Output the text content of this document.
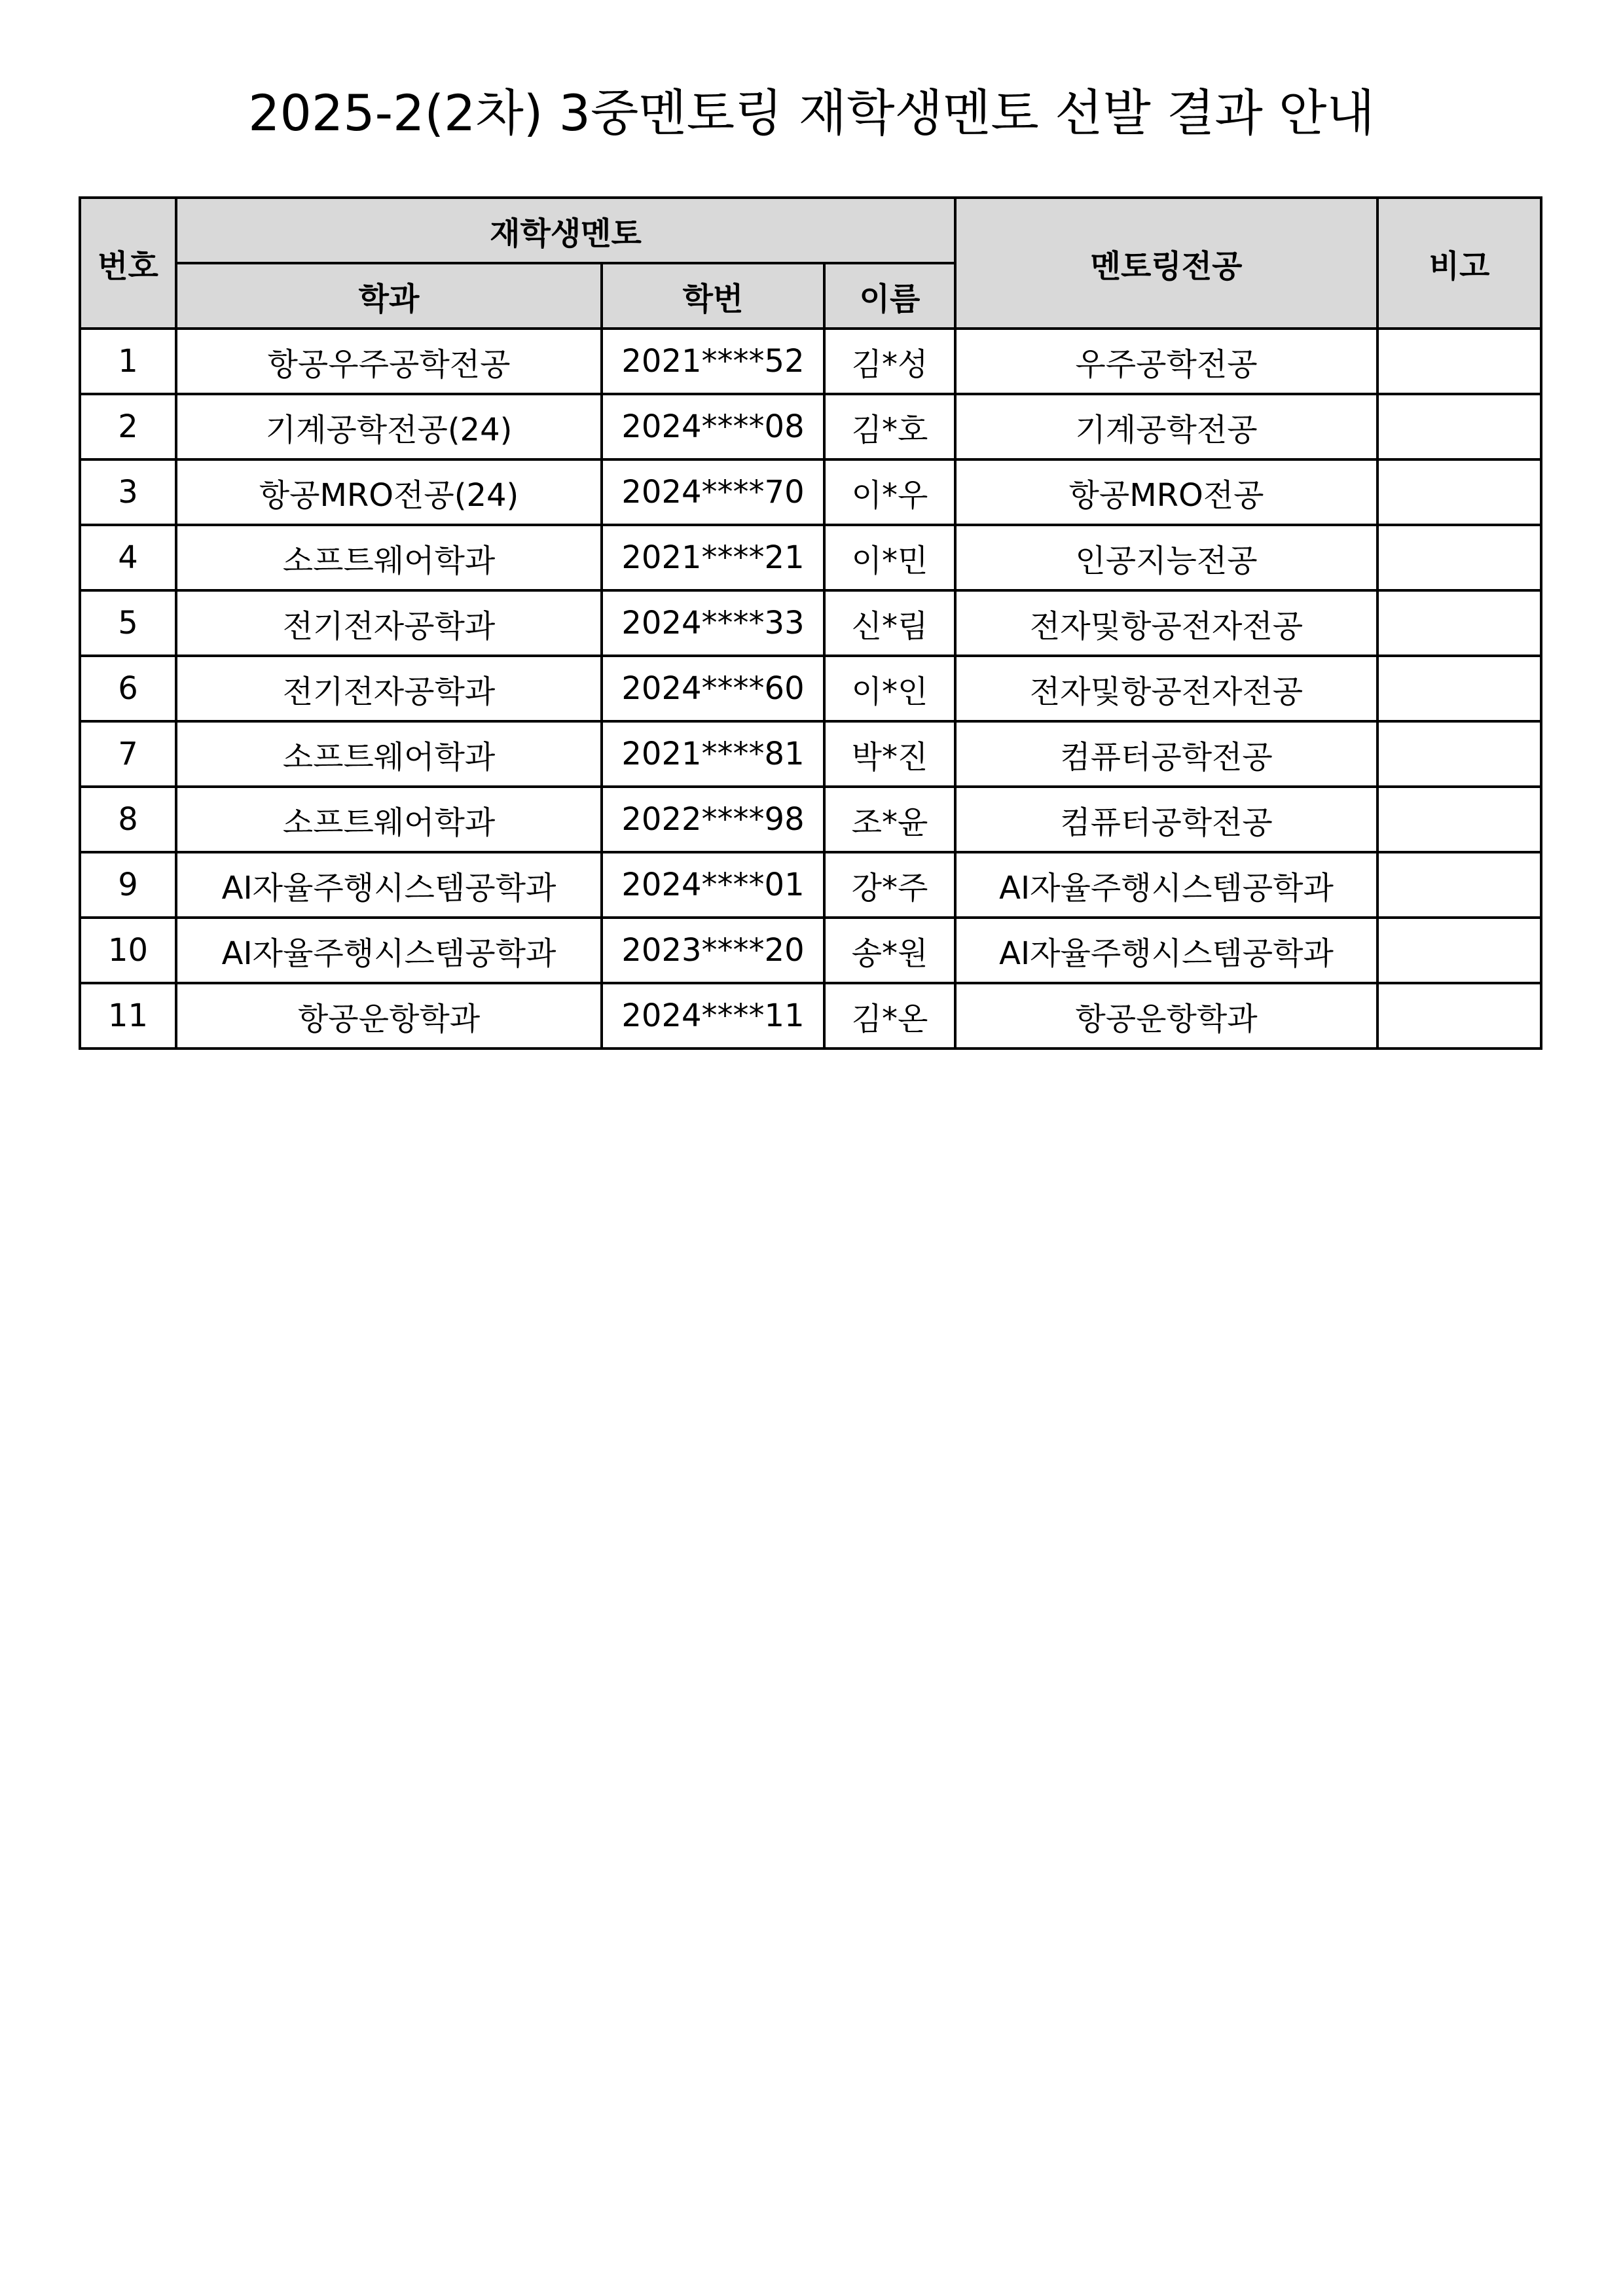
2025-2(2차) 3중멘토링 재학생멘토 선발 결과 안내
번호	재학생멘토			멘토링전공	비고
	학과	학번	이름		
1	항공우주공학전공	2021****52	김*성	우주공학전공	
2	기계공학전공(24)	2024****08	김*호	기계공학전공	
3	항공MRO전공(24)	2024****70	이*우	항공MRO전공	
4	소프트웨어학과	2021****21	이*민	인공지능전공	
5	전기전자공학과	2024****33	신*림	전자및항공전자전공	
6	전기전자공학과	2024****60	이*인	전자및항공전자전공	
7	소프트웨어학과	2021****81	박*진	컴퓨터공학전공	
8	소프트웨어학과	2022****98	조*윤	컴퓨터공학전공	
9	AI자율주행시스템공학과	2024****01	강*주	AI자율주행시스템공학과	
10	AI자율주행시스템공학과	2023****20	송*원	AI자율주행시스템공학과	
11	항공운항학과	2024****11	김*온	항공운항학과	
